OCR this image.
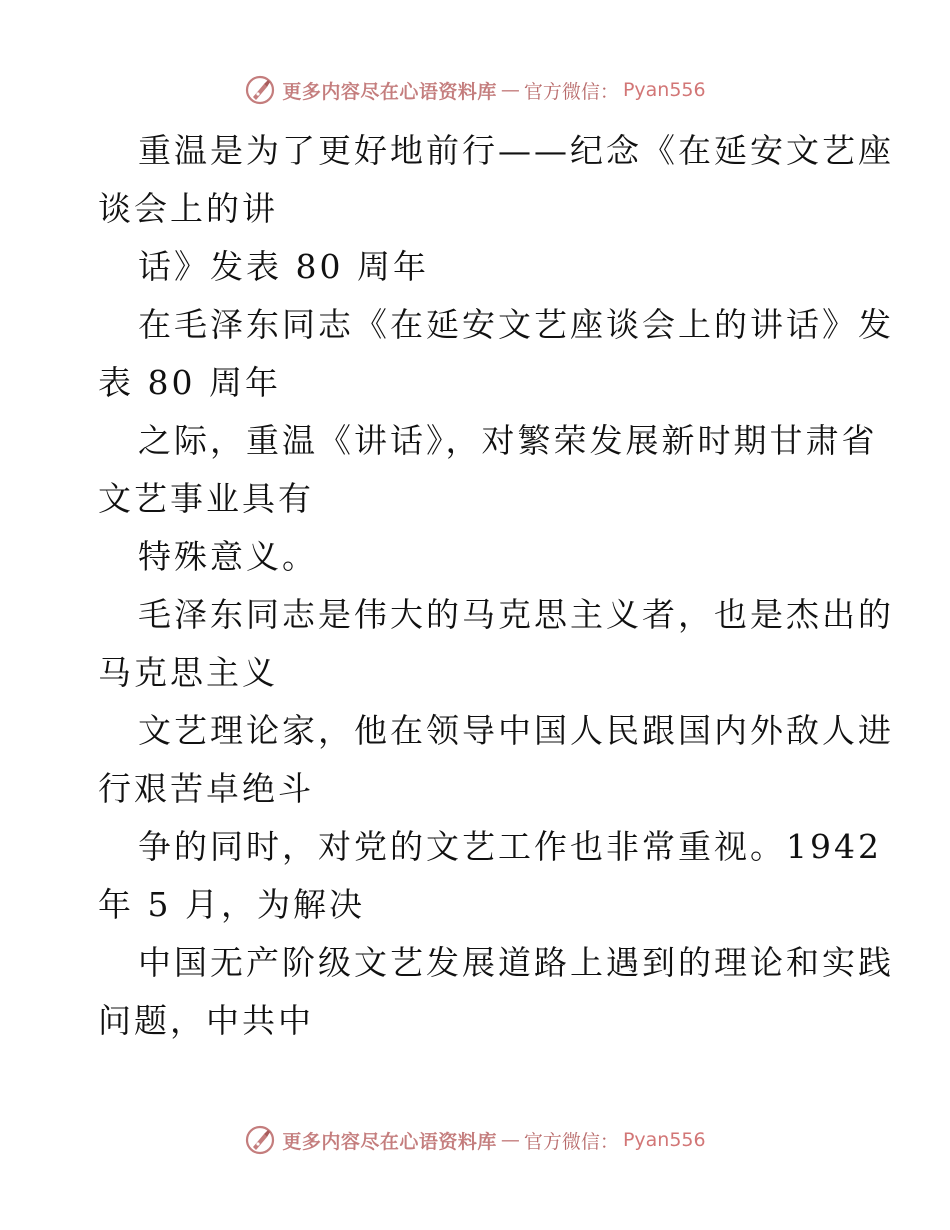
更多内容尽在心语资料库 — 官方微信： Pyan556
重温是为了更好地前行——纪念《在延安文艺座
谈会上的讲
话》发表 80 周年
在毛泽东同志《在延安文艺座谈会上的讲话》发
表 80 周年
之际，重温《讲话》，对繁荣发展新时期甘肃省
文艺事业具有
特殊意义。
毛泽东同志是伟大的马克思主义者，也是杰出的
马克思主义
文艺理论家，他在领导中国人民跟国内外敌人进
行艰苦卓绝斗
争的同时，对党的文艺工作也非常重视。1942
年 5 月，为解决
中国无产阶级文艺发展道路上遇到的理论和实践
问题，中共中
更多内容尽在心语资料库 — 官方微信： Pyan556
